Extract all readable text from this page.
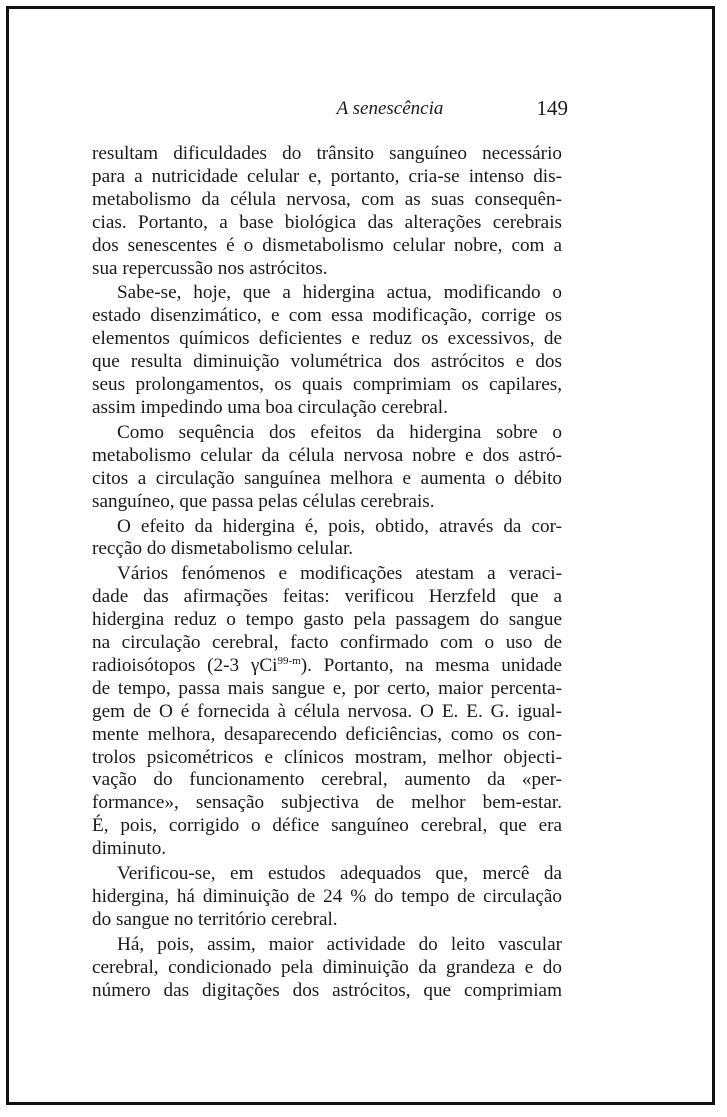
A senescência	149

resultam dificuldades do trânsito sanguíneo necessário
para a nutricidade celular e, portanto, cria-se intenso dis-
metabolismo da célula nervosa, com as suas consequên-
cias. Portanto, a base biológica das alterações cerebrais
dos senescentes é o dismetabolismo celular nobre, com a
sua repercussão nos astrócitos.

Sabe-se, hoje, que a hidergina actua, modificando o
estado disenzimático, e com essa modificação, corrige os
elementos químicos deficientes e reduz os excessivos, de
que resulta diminuição volumétrica dos astrócitos e dos
seus prolongamentos, os quais comprimiam os capilares,
assim impedindo uma boa circulação cerebral.

Como sequência dos efeitos da hidergina sobre o
metabolismo celular da célula nervosa nobre e dos astró-
citos a circulação sanguínea melhora e aumenta o débito
sanguíneo, que passa pelas células cerebrais.

O efeito da hidergina é, pois, obtido, através da cor-
recção do dismetabolismo celular.

Vários fenómenos e modificações atestam a veraci-
dade das afirmações feitas: verificou Herzfeld que a
hidergina reduz o tempo gasto pela passagem do sangue
na circulação cerebral, facto confirmado com o uso de
radioisótopos (2-3 γCi$^{99-m}$). Portanto, na mesma unidade
de tempo, passa mais sangue e, por certo, maior percenta-
gem de O é fornecida à célula nervosa. O E. E. G. igual-
mente melhora, desaparecendo deficiências, como os con-
trolos psicométricos e clínicos mostram, melhor objecti-
vação do funcionamento cerebral, aumento da «per-
formance», sensação subjectiva de melhor bem-estar.
É, pois, corrigido o défice sanguíneo cerebral, que era
diminuto.

Verificou-se, em estudos adequados que, mercê da
hidergina, há diminuição de 24 % do tempo de circulação
do sangue no território cerebral.

Há, pois, assim, maior actividade do leito vascular
cerebral, condicionado pela diminuição da grandeza e do
número das digitações dos astrócitos, que comprimiam
